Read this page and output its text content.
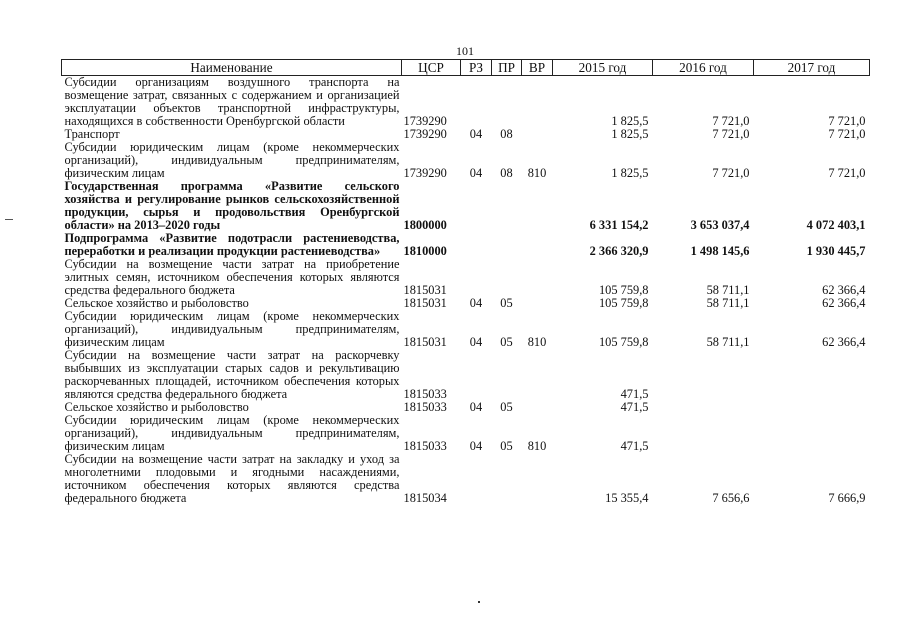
101
Наименование	ЦСР	РЗ	ПР	ВР	2015 год	2016 год	2017 год
Субсидии организациям воздушного транспорта на возмещение затрат, связанных с содержанием и организацией эксплуатации объектов транспортной инфраструктуры, находящихся в собственности Оренбургской области	1739290				1 825,5	7 721,0	7 721,0
Транспорт	1739290	04	08		1 825,5	7 721,0	7 721,0
Субсидии юридическим лицам (кроме некоммерческих организаций), индивидуальным предпринимателям, физическим лицам	1739290	04	08	810	1 825,5	7 721,0	7 721,0
Государственная программа «Развитие сельского хозяйства и регулирование рынков сельскохозяйственной продукции, сырья и продовольствия Оренбургской области» на 2013–2020 годы	1800000				6 331 154,2	3 653 037,4	4 072 403,1
Подпрограмма «Развитие подотрасли растениеводства, переработки и реализации продукции растениеводства»	1810000				2 366 320,9	1 498 145,6	1 930 445,7
Субсидии на возмещение части затрат на приобретение элитных семян, источником обеспечения которых являются средства федерального бюджета	1815031				105 759,8	58 711,1	62 366,4
Сельское хозяйство и рыболовство	1815031	04	05		105 759,8	58 711,1	62 366,4
Субсидии юридическим лицам (кроме некоммерческих организаций), индивидуальным предпринимателям, физическим лицам	1815031	04	05	810	105 759,8	58 711,1	62 366,4
Субсидии на возмещение части затрат на раскорчевку выбывших из эксплуатации старых садов и рекультивацию раскорчеванных площадей, источником обеспечения которых являются средства федерального бюджета	1815033				471,5		
Сельское хозяйство и рыболовство	1815033	04	05		471,5		
Субсидии юридическим лицам (кроме некоммерческих организаций), индивидуальным предпринимателям, физическим лицам	1815033	04	05	810	471,5		
Субсидии на возмещение части затрат на закладку и уход за многолетними плодовыми и ягодными насаждениями, источником обеспечения которых являются средства федерального бюджета	1815034				15 355,4	7 656,6	7 666,9
